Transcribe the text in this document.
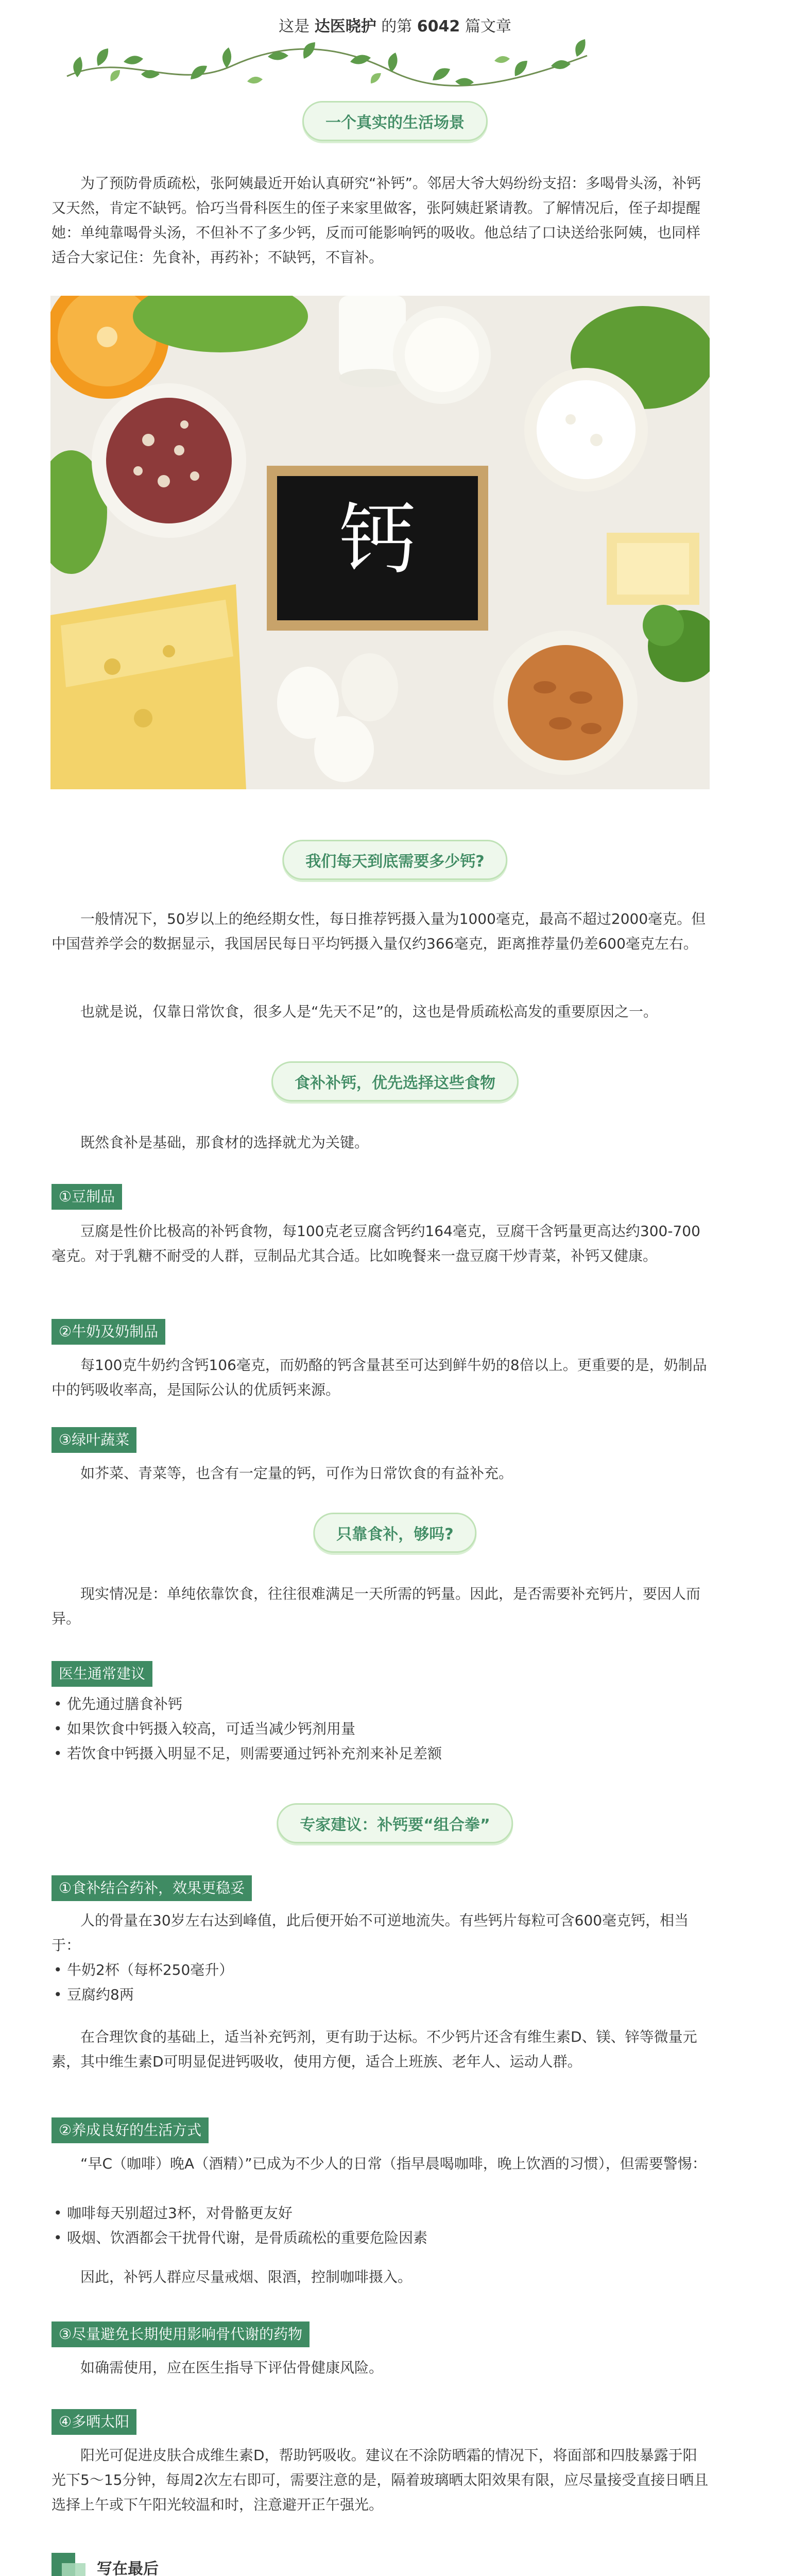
这是 达医晓护 的第 6042 篇文章
一个真实的生活场景

为了预防骨质疏松，张阿姨最近开始认真研究“补钙”。邻居大爷大妈纷纷支招：多喝骨头汤，补钙又天然，肯定不缺钙。恰巧当骨科医生的侄子来家里做客，张阿姨赶紧请教。了解情况后，侄子却提醒她：单纯靠喝骨头汤，不但补不了多少钙，反而可能影响钙的吸收。他总结了口诀送给张阿姨，也同样适合大家记住：先食补，再药补；不缺钙，不盲补。

钙
我们每天到底需要多少钙?

一般情况下，50岁以上的绝经期女性，每日推荐钙摄入量为1000毫克，最高不超过2000毫克。但中国营养学会的数据显示，我国居民每日平均钙摄入量仅约366毫克，距离推荐量仍差600毫克左右。

也就是说，仅靠日常饮食，很多人是“先天不足”的，这也是骨质疏松高发的重要原因之一。

食补补钙，优先选择这些食物

既然食补是基础，那食材的选择就尤为关键。

①豆制品

豆腐是性价比极高的补钙食物，每100克老豆腐含钙约164毫克，豆腐干含钙量更高达约300-700毫克。对于乳糖不耐受的人群，豆制品尤其合适。比如晚餐来一盘豆腐干炒青菜，补钙又健康。

②牛奶及奶制品

每100克牛奶约含钙106毫克，而奶酪的钙含量甚至可达到鲜牛奶的8倍以上。更重要的是，奶制品中的钙吸收率高，是国际公认的优质钙来源。

③绿叶蔬菜

如芥菜、青菜等，也含有一定量的钙，可作为日常饮食的有益补充。

只靠食补，够吗?

现实情况是：单纯依靠饮食，往往很难满足一天所需的钙量。因此，是否需要补充钙片，要因人而异。

医生通常建议
• 优先通过膳食补钙
• 如果饮食中钙摄入较高，可适当减少钙剂用量
• 若饮食中钙摄入明显不足，则需要通过钙补充剂来补足差额
专家建议：补钙要“组合拳”
①食补结合药补，效果更稳妥

人的骨量在30岁左右达到峰值，此后便开始不可逆地流失。有些钙片每粒可含600毫克钙，相当于：

• 牛奶2杯（每杯250毫升）
• 豆腐约8两

在合理饮食的基础上，适当补充钙剂，更有助于达标。不少钙片还含有维生素D、镁、锌等微量元素，其中维生素D可明显促进钙吸收，使用方便，适合上班族、老年人、运动人群。

②养成良好的生活方式

“早C（咖啡）晚A（酒精）”已成为不少人的日常（指早晨喝咖啡，晚上饮酒的习惯），但需要警惕：

• 咖啡每天别超过3杯，对骨骼更友好
• 吸烟、饮酒都会干扰骨代谢，是骨质疏松的重要危险因素

因此，补钙人群应尽量戒烟、限酒，控制咖啡摄入。

③尽量避免长期使用影响骨代谢的药物

如确需使用，应在医生指导下评估骨健康风险。

④多晒太阳

阳光可促进皮肤合成维生素D，帮助钙吸收。建议在不涂防晒霜的情况下，将面部和四肢暴露于阳光下5～15分钟，每周2次左右即可，需要注意的是，隔着玻璃晒太阳效果有限，应尽量接受直接日晒且选择上午或下午阳光较温和时，注意避开正午强光。

写在最后
